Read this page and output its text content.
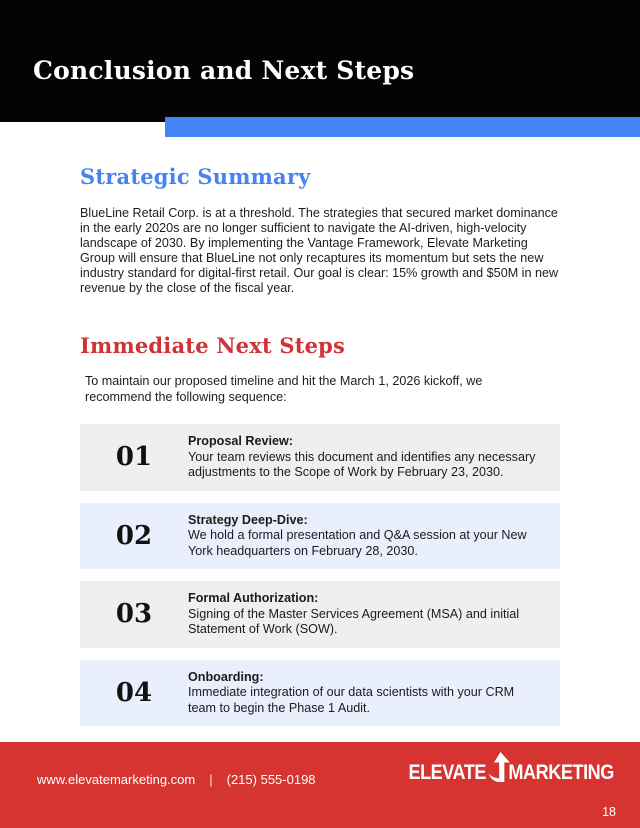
Conclusion and Next Steps
Strategic Summary

BlueLine Retail Corp. is at a threshold. The strategies that secured market dominance in the early 2020s are no longer sufficient to navigate the AI-driven, high-velocity landscape of 2030. By implementing the Vantage Framework, Elevate Marketing Group will ensure that BlueLine not only recaptures its momentum but sets the new industry standard for digital-first retail. Our goal is clear: 15% growth and $50M in new revenue by the close of the fiscal year.

Immediate Next Steps

To maintain our proposed timeline and hit the March 1, 2026 kickoff, we recommend the following sequence:

01
Proposal Review:
Your team reviews this document and identifies any necessary adjustments to the Scope of Work by February 23, 2030.
02
Strategy Deep-Dive:
We hold a formal presentation and Q&A session at your New York headquarters on February 28, 2030.
03
Formal Authorization:
Signing of the Master Services Agreement (MSA) and initial Statement of Work (SOW).
04
Onboarding:
Immediate integration of our data scientists with your CRM team to begin the Phase 1 Audit.
www.elevatemarketing.com | (215) 555-0198	ELEVATE MARKETING
18
